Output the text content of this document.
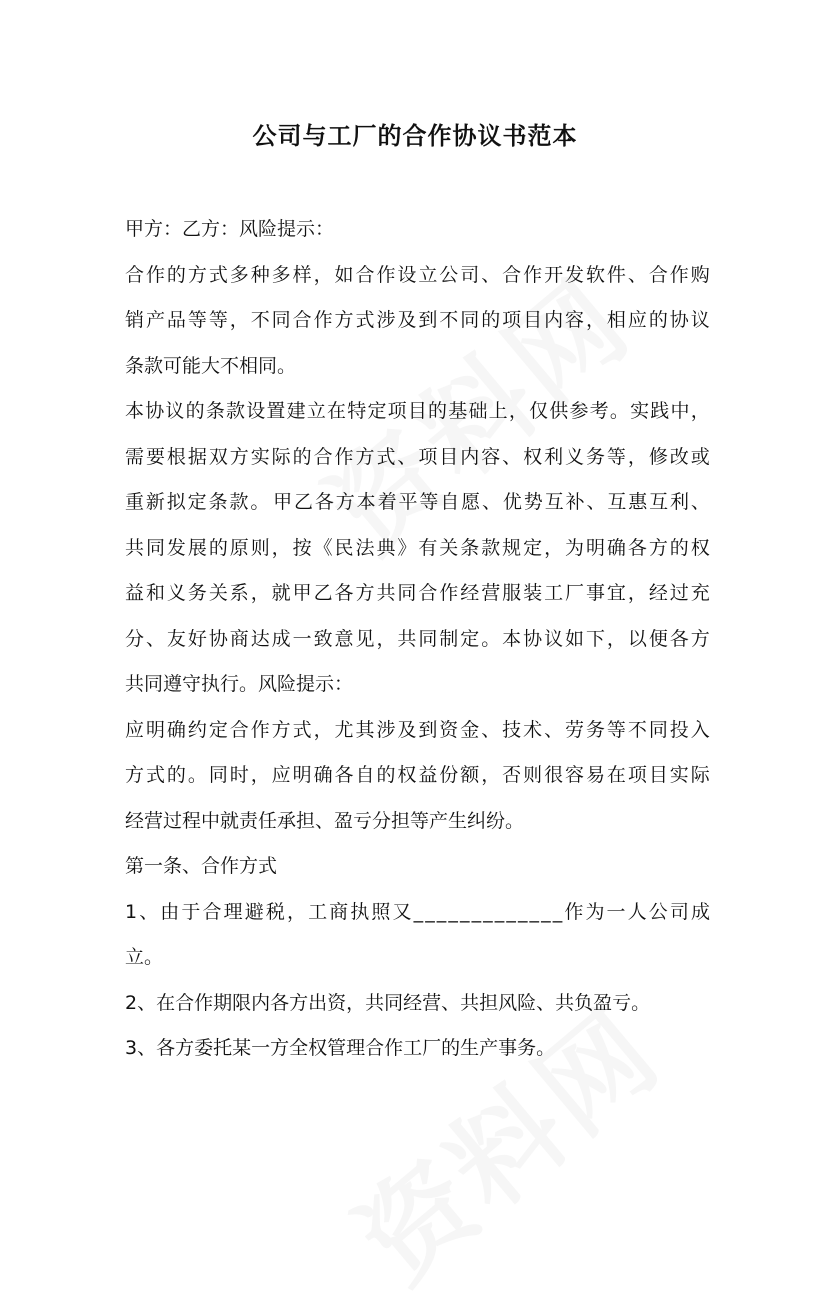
公司与工厂的合作协议书范本
甲方：乙方：风险提示：
合 作 的 方 式 多 种 多 样 ， 如 合 作 设 立 公 司 、 合 作 开 发 软 件 、 合 作 购
销 产 品 等 等 ， 不 同 合 作 方 式 涉 及 到 不 同 的 项 目 内 容 ， 相 应 的 协 议
条款可能大不相同。
本 协 议 的 条 款 设 置 建 立 在 特 定 项 目 的 基 础 上 ， 仅 供 参 考 。 实 践 中 ，
需 要 根 据 双 方 实 际 的 合 作 方 式 、 项 目 内 容 、 权 利 义 务 等 ， 修 改 或
重 新 拟 定 条 款 。 甲 乙 各 方 本 着 平 等 自 愿 、 优 势 互 补 、 互 惠 互 利 、
共 同 发 展 的 原 则 ， 按 《 民 法 典 》 有 关 条 款 规 定 ， 为 明 确 各 方 的 权
益 和 义 务 关 系 ， 就 甲 乙 各 方 共 同 合 作 经 营 服 装 工 厂 事 宜 ， 经 过 充
分 、 友 好 协 商 达 成 一 致 意 见 ， 共 同 制 定 。 本 协 议 如 下 ， 以 便 各 方
共同遵守执行。风险提示：
应 明 确 约 定 合 作 方 式 ， 尤 其 涉 及 到 资 金 、 技 术 、 劳 务 等 不 同 投 入
方 式 的 。 同 时 ， 应 明 确 各 自 的 权 益 份 额 ， 否 则 很 容 易 在 项 目 实 际
经营过程中就责任承担、盈亏分担等产生纠纷。
第一条、合作方式
1 、 由 于 合 理 避 税 ， 工 商 执 照 又 _ _ _ _ _ _ _ _ _ _ _ _ _ 作 为 一 人 公 司 成
立。
2、在合作期限内各方出资，共同经营、共担风险、共负盈亏。
3、各方委托某一方全权管理合作工厂的生产事务。
